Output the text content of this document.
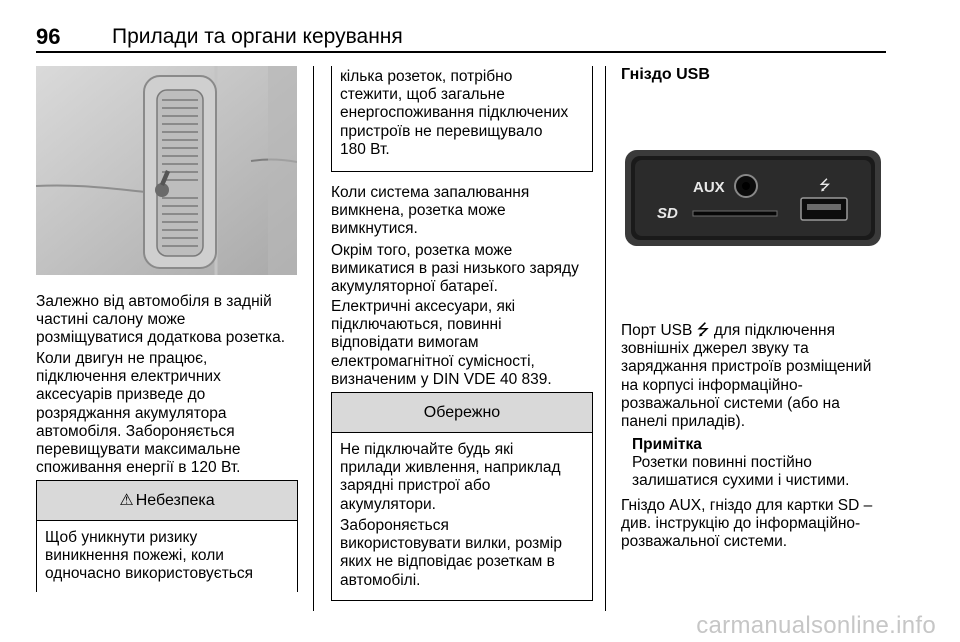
96 Прилади та органи керування
Залежно від автомобіля в задній
частині салону може
розміщуватися додаткова розетка.
Коли двигун не працює,
підключення електричних
аксесуарів призведе до
розряджання акумулятора
автомобіля. Забороняється
перевищувати максимальне
споживання енергії в 120 Вт.
⚠ Небезпека
Щоб уникнути ризику
виникнення пожежі, коли
одночасно використовується
кілька розеток, потрібно
стежити, щоб загальне
енергоспоживання підключених
пристроїв не перевищувало
180 Вт.
Коли система запалювання
вимкнена, розетка може
вимкнутися.
Окрім того, розетка може
вимикатися в разі низького заряду
акумуляторної батареї.
Електричні аксесуари, які
підключаються, повинні
відповідати вимогам
електромагнітної сумісності,
визначеним у DIN VDE 40 839.
Обережно
Не підключайте будь які
прилади живлення, наприклад
зарядні пристрої або
акумулятори.
Забороняється
використовувати вилки, розмір
яких не відповідає розеткам в
автомобілі.
Гніздо USB
AUX	⭍
SD
Порт USB ⭍ для підключення
зовнішніх джерел звуку та
заряджання пристроїв розміщений
на корпусі інформаційно-
розважальної системи (або на
панелі приладів).
Примітка
Розетки повинні постійно
залишатися сухими і чистими.
Гніздо AUX, гніздо для картки SD –
див. інструкцію до інформаційно-
розважальної системи.
carmanualsonline.info
